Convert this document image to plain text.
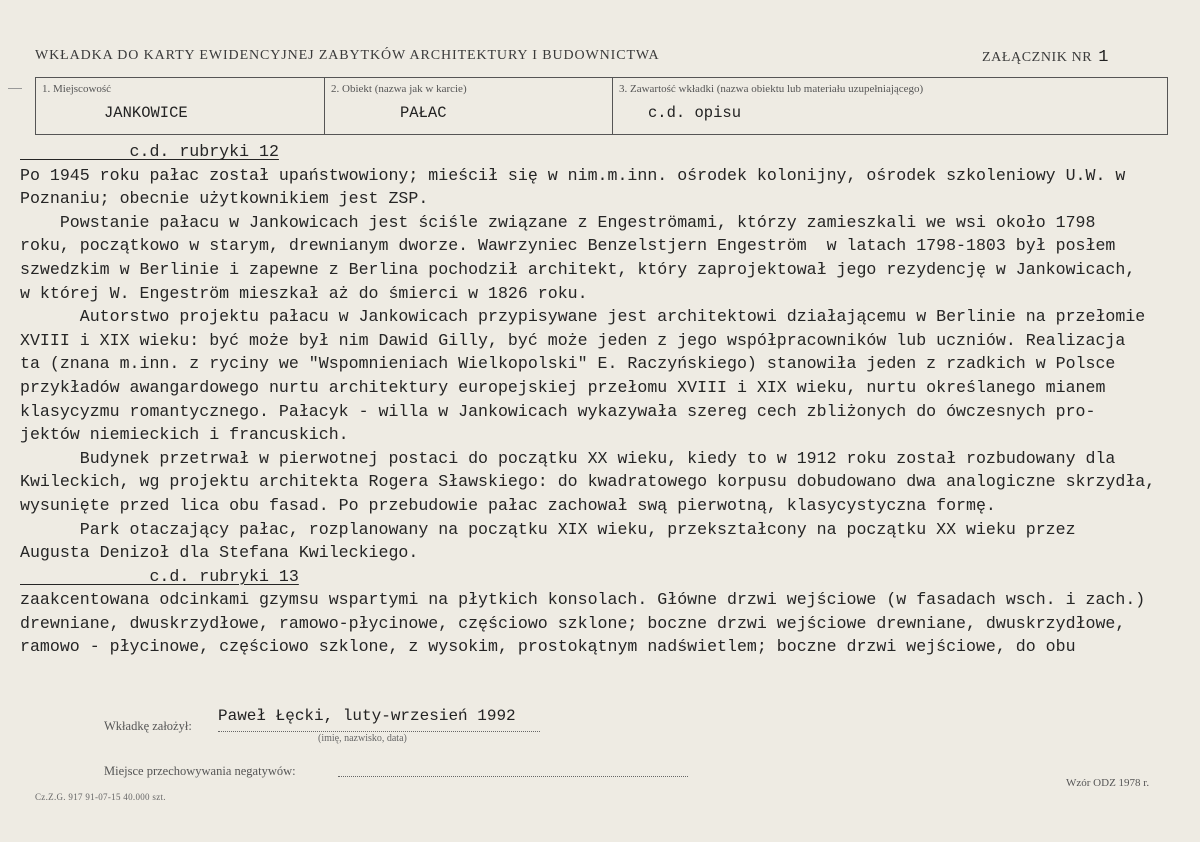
WKŁADKA DO KARTY EWIDENCYJNEJ ZABYTKÓW ARCHITEKTURY I BUDOWNICTWA	ZAŁĄCZNIK NR 1
1. Miejscowość
JANKOWICE
2. Obiekt (nazwa jak w karcie)
PAŁAC
3. Zawartość wkładki (nazwa obiektu lub materiału uzupełniającego)
c.d. opisu
c.d. rubryki 12
Po 1945 roku pałac został upaństwowiony; mieścił się w nim.m.inn. ośrodek kolonijny, ośrodek szkoleniowy U.W. w
Poznaniu; obecnie użytkownikiem jest ZSP.
Powstanie pałacu w Jankowicach jest ściśle związane z Engeströmami, którzy zamieszkali we wsi około 1798
roku, początkowo w starym, drewnianym dworze. Wawrzyniec Benzelstjern Engeström  w latach 1798-1803 był posłem
szwedzkim w Berlinie i zapewne z Berlina pochodził architekt, który zaprojektował jego rezydencję w Jankowicach,
w której W. Engeström mieszkał aż do śmierci w 1826 roku.
Autorstwo projektu pałacu w Jankowicach przypisywane jest architektowi działającemu w Berlinie na przełomie
XVIII i XIX wieku: być może był nim Dawid Gilly, być może jeden z jego współpracowników lub uczniów. Realizacja
ta (znana m.inn. z ryciny we "Wspomnieniach Wielkopolski" E. Raczyńskiego) stanowiła jeden z rzadkich w Polsce
przykładów awangardowego nurtu architektury europejskiej przełomu XVIII i XIX wieku, nurtu określanego mianem
klasycyzmu romantycznego. Pałacyk - willa w Jankowicach wykazywała szereg cech zbliżonych do ówczesnych pro-
jektów niemieckich i francuskich.
Budynek przetrwał w pierwotnej postaci do początku XX wieku, kiedy to w 1912 roku został rozbudowany dla
Kwileckich, wg projektu architekta Rogera Sławskiego: do kwadratowego korpusu dobudowano dwa analogiczne skrzydła,
wysunięte przed lica obu fasad. Po przebudowie pałac zachował swą pierwotną, klasycystyczna formę.
Park otaczający pałac, rozplanowany na początku XIX wieku, przekształcony na początku XX wieku przez
Augusta Denizoł dla Stefana Kwileckiego.
c.d. rubryki 13
zaakcentowana odcinkami gzymsu wspartymi na płytkich konsolach. Główne drzwi wejściowe (w fasadach wsch. i zach.)
drewniane, dwuskrzydłowe, ramowo-płycinowe, częściowo szklone; boczne drzwi wejściowe drewniane, dwuskrzydłowe,
ramowo - płycinowe, częściowo szklone, z wysokim, prostokątnym nadświetlem; boczne drzwi wejściowe, do obu
Wkładkę założył:
Paweł Łęcki, luty-wrzesień 1992
(imię, nazwisko, data)
Miejsce przechowywania negatywów:
Cz.Z.G. 917 91-07-15 40.000 szt.
Wzór ODZ 1978 r.
